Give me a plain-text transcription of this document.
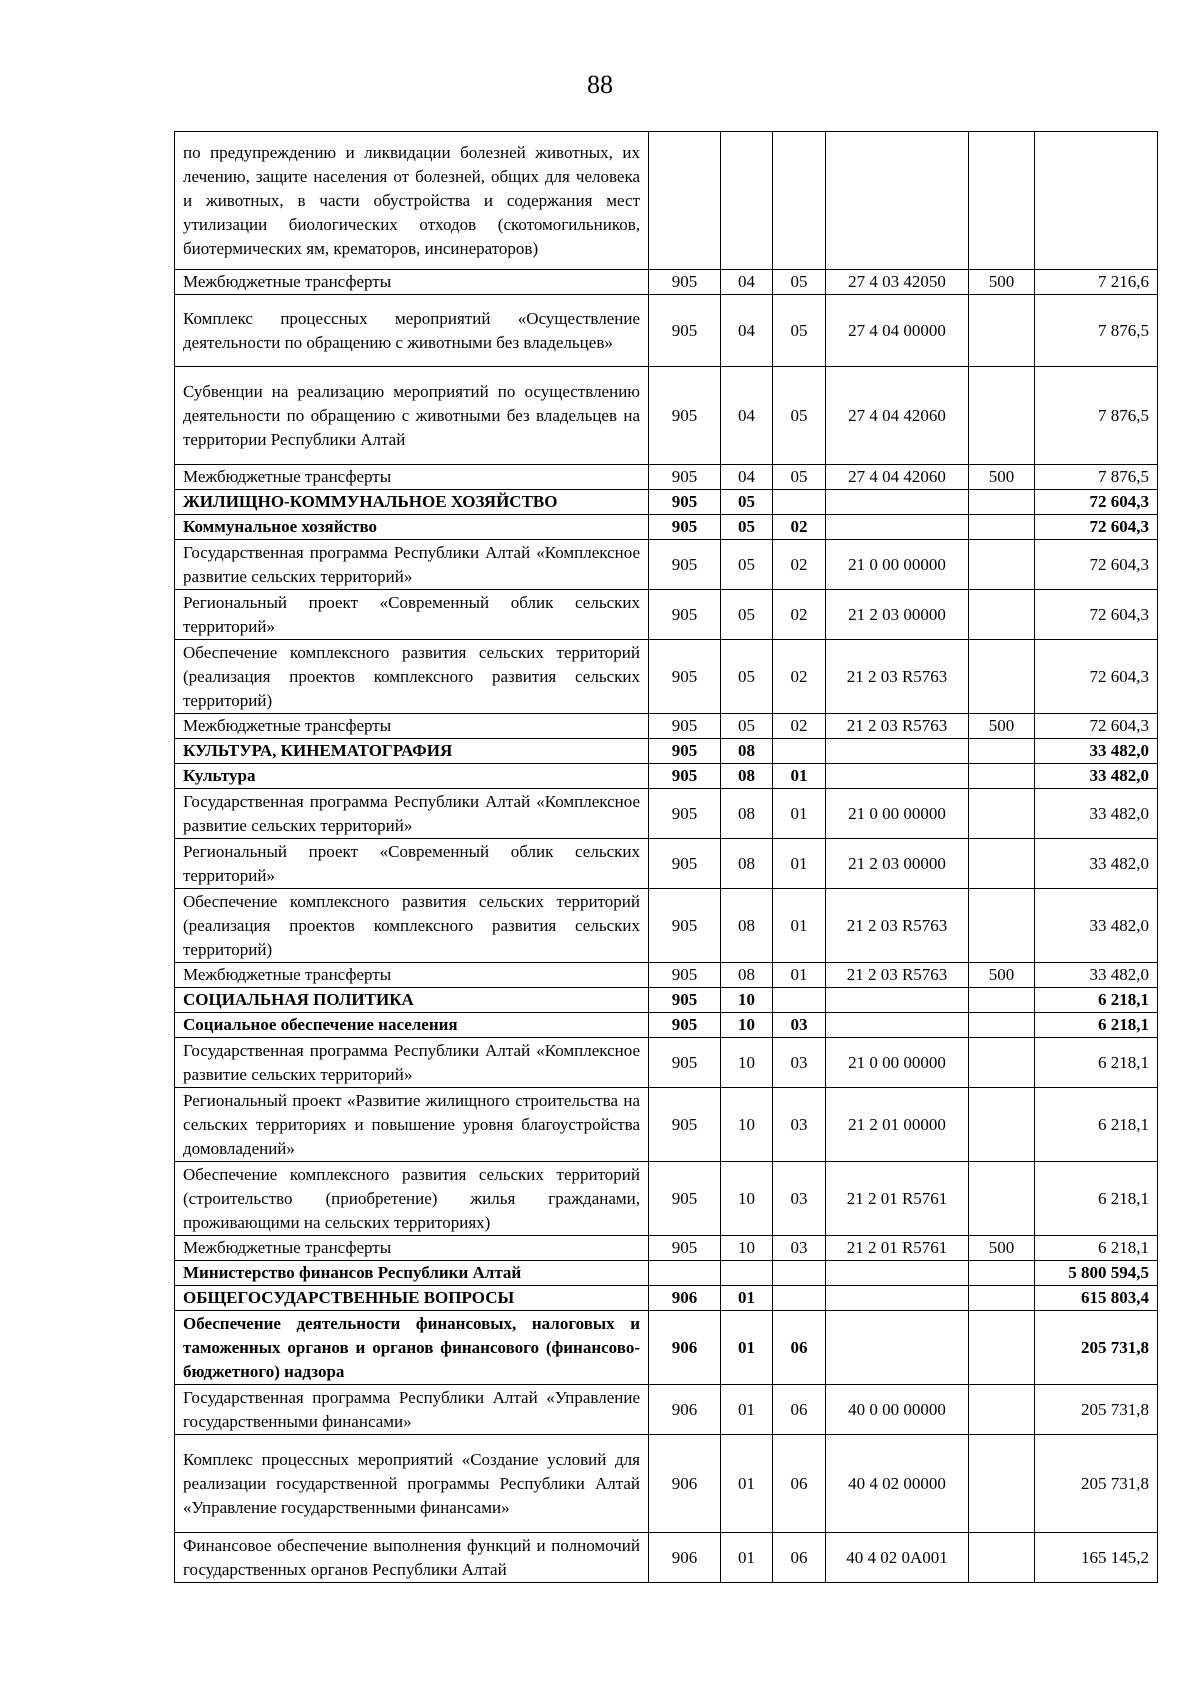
88
по предупреждению и ликвидации болезней животных, их лечению, защите населения от болезней, общих для человека и животных, в части обустройства и содержания мест утилизации биологических отходов (скотомогильников, биотермических ям, крематоров, инсинераторов)						
Межбюджетные трансферты	905	04	05	27 4 03 42050	500	7 216,6
Комплекс процессных мероприятий «Осуществление деятельности по обращению с животными без владельцев»	905	04	05	27 4 04 00000		7 876,5
Субвенции на реализацию мероприятий по осуществлению деятельности по обращению с животными без владельцев на территории Республики Алтай	905	04	05	27 4 04 42060		7 876,5
Межбюджетные трансферты	905	04	05	27 4 04 42060	500	7 876,5
ЖИЛИЩНО-КОММУНАЛЬНОЕ ХОЗЯЙСТВО	905	05				72 604,3
Коммунальное хозяйство	905	05	02			72 604,3
Государственная программа Республики Алтай «Комплексное развитие сельских территорий»	905	05	02	21 0 00 00000		72 604,3
Региональный проект «Современный облик сельских территорий»	905	05	02	21 2 03 00000		72 604,3
Обеспечение комплексного развития сельских территорий (реализация проектов комплексного развития сельских территорий)	905	05	02	21 2 03 R5763		72 604,3
Межбюджетные трансферты	905	05	02	21 2 03 R5763	500	72 604,3
КУЛЬТУРА, КИНЕМАТОГРАФИЯ	905	08				33 482,0
Культура	905	08	01			33 482,0
Государственная программа Республики Алтай «Комплексное развитие сельских территорий»	905	08	01	21 0 00 00000		33 482,0
Региональный проект «Современный облик сельских территорий»	905	08	01	21 2 03 00000		33 482,0
Обеспечение комплексного развития сельских территорий (реализация проектов комплексного развития сельских территорий)	905	08	01	21 2 03 R5763		33 482,0
Межбюджетные трансферты	905	08	01	21 2 03 R5763	500	33 482,0
СОЦИАЛЬНАЯ ПОЛИТИКА	905	10				6 218,1
Социальное обеспечение населения	905	10	03			6 218,1
Государственная программа Республики Алтай «Комплексное развитие сельских территорий»	905	10	03	21 0 00 00000		6 218,1
Региональный проект «Развитие жилищного строительства на сельских территориях и повышение уровня благоустройства домовладений»	905	10	03	21 2 01 00000		6 218,1
Обеспечение комплексного развития сельских территорий (строительство (приобретение) жилья гражданами, проживающими на сельских территориях)	905	10	03	21 2 01 R5761		6 218,1
Межбюджетные трансферты	905	10	03	21 2 01 R5761	500	6 218,1
Министерство финансов Республики Алтай						5 800 594,5
ОБЩЕГОСУДАРСТВЕННЫЕ ВОПРОСЫ	906	01				615 803,4
Обеспечение деятельности финансовых, налоговых и таможенных органов и органов финансового (финансово-бюджетного) надзора	906	01	06			205 731,8
Государственная программа Республики Алтай «Управление государственными финансами»	906	01	06	40 0 00 00000		205 731,8
Комплекс процессных мероприятий «Создание условий для реализации государственной программы Республики Алтай «Управление государственными финансами»	906	01	06	40 4 02 00000		205 731,8
Финансовое обеспечение выполнения функций и полномочий государственных органов Республики Алтай	906	01	06	40 4 02 0A001		165 145,2
